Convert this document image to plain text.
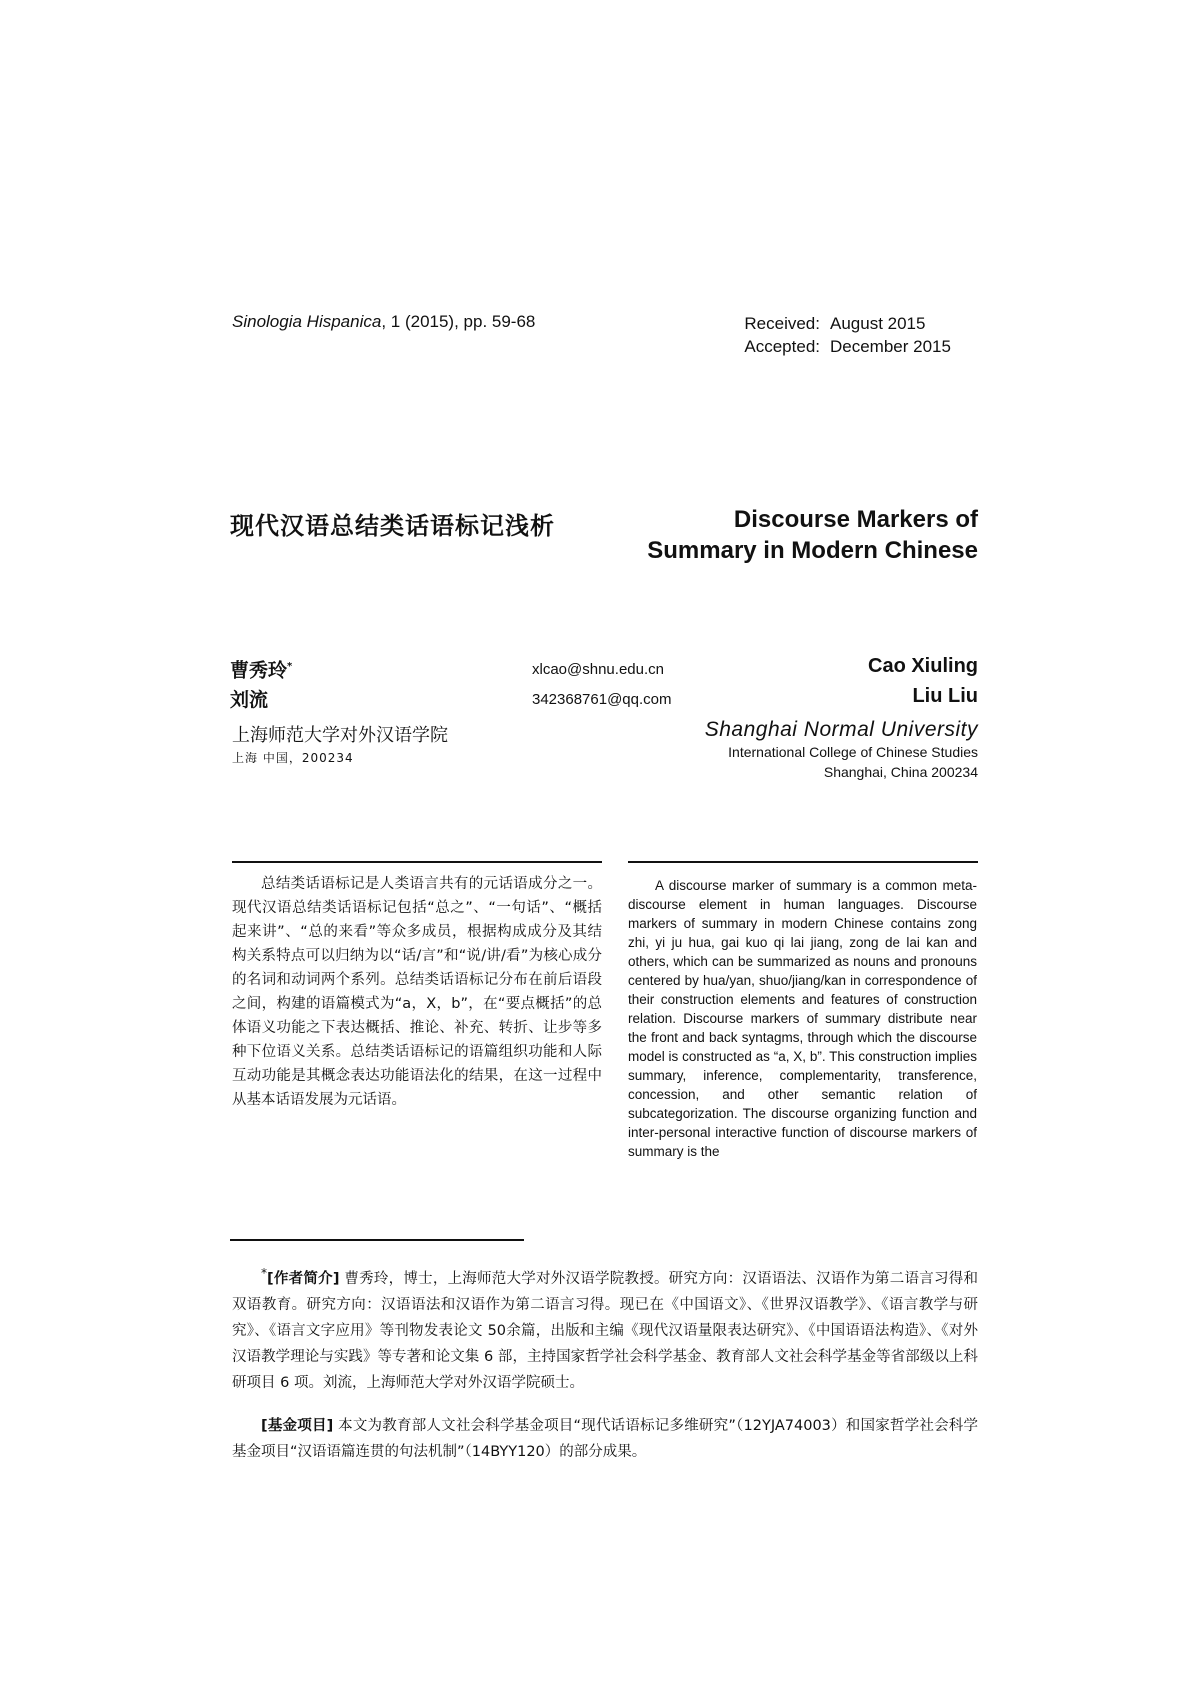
Sinologia Hispanica, 1 (2015), pp. 59-68	Received: August 2015
Accepted: December 2015
现代汉语总结类话语标记浅析	Discourse Markers of
Summary in Modern Chinese
曹秀玲*
刘流
xlcao@shnu.edu.cn
342368761@qq.com
Cao Xiuling
Liu Liu
上海师范大学对外汉语学院
上海 中国，200234
Shanghai Normal University
International College of Chinese Studies
Shanghai, China 200234
总结类话语标记是人类语言共有的元话语成分之一。现代汉语总结类话语标记包括“总之”、“一句话”、“概括起来讲”、“总的来看”等众多成员，根据构成成分及其结构关系特点可以归纳为以“话/言”和“说/讲/看”为核心成分的名词和动词两个系列。总结类话语标记分布在前后语段之间，构建的语篇模式为“a，X，b”，在“要点概括”的总体语义功能之下表达概括、推论、补充、转折、让步等多种下位语义关系。总结类话语标记的语篇组织功能和人际互动功能是其概念表达功能语法化的结果，在这一过程中从基本话语发展为元话语。
A discourse marker of summary is a common meta-discourse element in human languages. Discourse markers of summary in modern Chinese contains zong zhi, yi ju hua, gai kuo qi lai jiang, zong de lai kan and others, which can be summarized as nouns and pronouns centered by hua/yan, shuo/jiang/kan in correspondence of their construction elements and features of construction relation. Discourse markers of summary distribute near the front and back syntagms, through which the discourse model is constructed as “a, X, b”. This construction implies summary, inference, complementarity, transference, concession, and other semantic relation of subcategorization. The discourse organizing function and inter-personal interactive function of discourse markers of summary is the
*[作者简介] 曹秀玲，博士，上海师范大学对外汉语学院教授。研究方向：汉语语法、汉语作为第二语言习得和双语教育。研究方向：汉语语法和汉语作为第二语言习得。现已在《中国语文》、《世界汉语教学》、《语言教学与研究》、《语言文字应用》等刊物发表论文 50余篇，出版和主编《现代汉语量限表达研究》、《中国语语法构造》、《对外汉语教学理论与实践》等专著和论文集 6 部，主持国家哲学社会科学基金、教育部人文社会科学基金等省部级以上科研项目 6 项。刘流，上海师范大学对外汉语学院硕士。
[基金项目] 本文为教育部人文社会科学基金项目“现代话语标记多维研究”（12YJA74003）和国家哲学社会科学基金项目“汉语语篇连贯的句法机制”（14BYY120）的部分成果。
